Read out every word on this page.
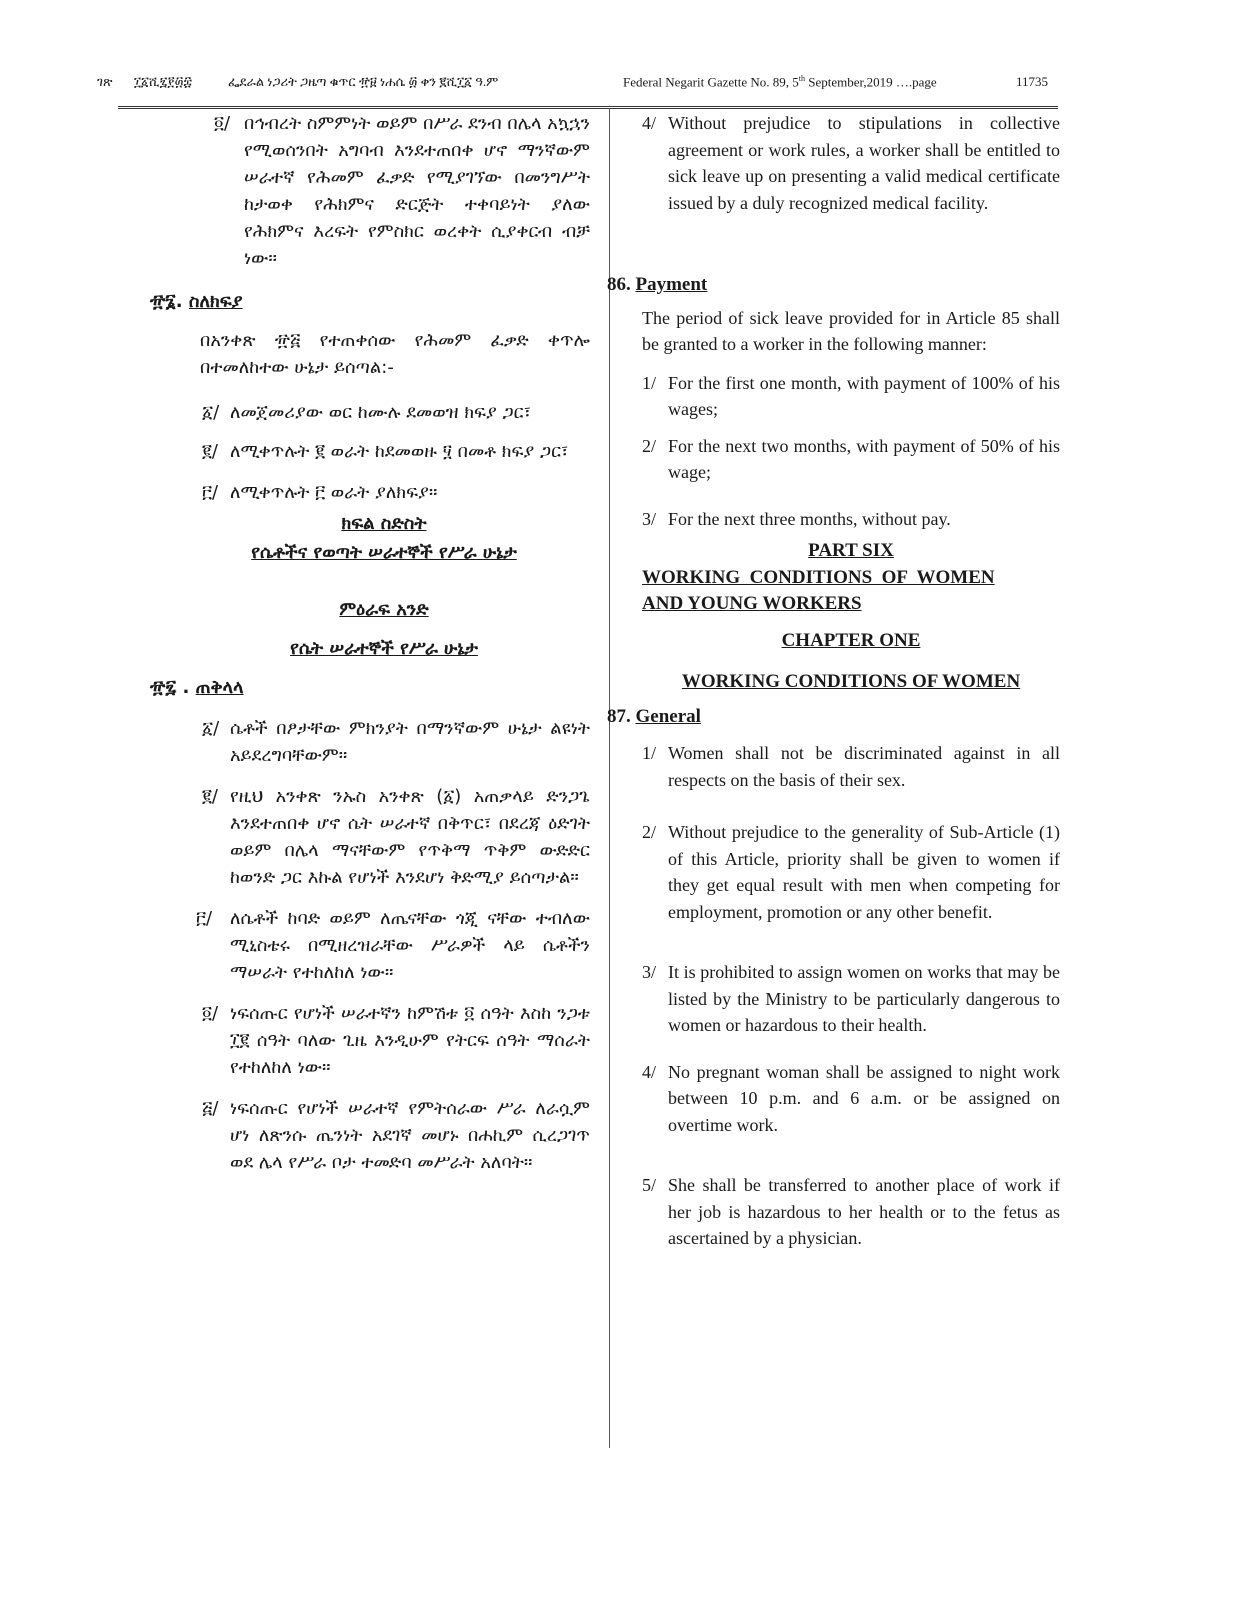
ገጽ ፲፩ሺ፯፻፴፰	ፌደራል ነጋሪት ጋዜጣ ቁጥር ፹፱ ነሐሴ ፴ ቀን ፪ሺ፲፩ ዓ.ም	Federal Negarit Gazette No. 89, 5th September,2019 ….page	11735
፬/ በኅብረት ስምምነት ወይም በሥራ ደንብ በሌላ አኳኋን የሚወሰንበት አግባብ እንደተጠበቀ ሆኖ ማንኛውም ሠራተኛ የሕመም ፈቃድ የሚያገኘው በመንግሥት ከታወቀ የሕክምና ድርጅት ተቀባይነት ያለው የሕክምና እረፍት የምስክር ወረቀት ሲያቀርብ ብቻ ነው፡፡

፹፮. ስለክፍያ

በአንቀጽ ፹፭ የተጠቀሰው የሕመም ፈቃድ ቀጥሎ በተመለከተው ሁኔታ ይሰጣል:-

፩/ ለመጀመሪያው ወር ከሙሉ ደመወዝ ክፍያ ጋር፣

፪/ ለሚቀጥሉት ፪ ወራት ከደመወዙ ፶ በመቶ ክፍያ ጋር፣

፫/ ለሚቀጥሉት ፫ ወራት ያለክፍያ፡፡

ክፍል ስድስት
የሴቶችና የወጣት ሠራተኞች የሥራ ሁኔታ
ምዕራፍ አንድ
የሴት ሠራተኞች የሥራ ሁኔታ
፹፯ . ጠቅላላ
፩/ ሴቶች በፆታቸው ምክንያት በማንኛውም ሁኔታ ልዩነት አይደረግባቸውም፡፡

፪/ የዚህ አንቀጽ ንኡስ አንቀጽ (፩) አጠቃላይ ድንጋጌ እንደተጠበቀ ሆኖ ሴት ሠራተኛ በቅጥር፣ በደረጃ ዕድገት ወይም በሌላ ማናቸውም የጥቅማ ጥቅም ውድድር ከወንድ ጋር እኩል የሆነች እንደሆነ ቅድሚያ ይሰጣታል።

፫/ ለሴቶች ከባድ ወይም ለጤናቸው ጎጂ ናቸው ተብለው ሚኒስቴሩ በሚዘረዝራቸው ሥራዎች ላይ ሴቶችን ማሠራት የተከለከለ ነው፡፡

፬/ ነፍሰጡር የሆነች ሠራተኛን ከምሽቱ ፬ ሰዓት እስከ ንጋቱ ፲፪ ሰዓት ባለው ጊዜ እንዲሁም የትርፍ ሰዓት ማሰራት የተከለከለ ነው፡፡

፭/ ነፍሰጡር የሆነች ሠራተኛ የምትሰራው ሥራ ለራሷም ሆነ ለጽንሱ ጤንነት አደገኛ መሆኑ በሐኪም ሲረጋገጥ ወደ ሌላ የሥራ ቦታ ተመድባ መሥራት አለባት፡፡

4/ Without prejudice to stipulations in collective agreement or work rules, a worker shall be entitled to sick leave up on presenting a valid medical certificate issued by a duly recognized medical facility.

86. Payment

The period of sick leave provided for in Article 85 shall be granted to a worker in the following manner:

1/ For the first one month, with payment of 100% of his wages;

2/ For the next two months, with payment of 50% of his wage;

3/ For the next three months, without pay.

PART SIX
WORKING  CONDITIONS  OF  WOMEN
AND YOUNG WORKERS
CHAPTER ONE
WORKING CONDITIONS OF WOMEN
87. General
1/ Women shall not be discriminated against in all respects on the basis of their sex.

2/ Without prejudice to the generality of Sub-Article (1) of this Article, priority shall be given to women if they get equal result with men when competing for employment, promotion or any other benefit.

3/ It is prohibited to assign women on works that may be listed by the Ministry to be particularly dangerous to women or hazardous to their health.

4/ No pregnant woman shall be assigned to night work between 10 p.m. and 6 a.m. or be assigned on overtime work.

5/ She shall be transferred to another place of work if her job is hazardous to her health or to the fetus as ascertained by a physician.
